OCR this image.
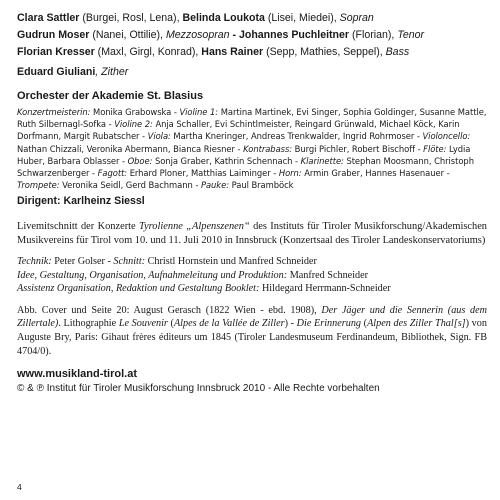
Clara Sattler (Burgei, Rosl, Lena), Belinda Loukota (Lisei, Miedei), Sopran
Gudrun Moser (Nanei, Ottilie), Mezzosopran - Johannes Puchleitner (Florian), Tenor
Florian Kresser (Maxl, Girgl, Konrad), Hans Rainer (Sepp, Mathies, Seppel), Bass
Eduard Giuliani, Zither
Orchester der Akademie St. Blasius
Konzertmeisterin: Monika Grabowska - Violine 1: Martina Martinek, Evi Singer, Sophia Goldinger, Susanne Mattle, Ruth Silbernagl-Sofka - Violine 2: Anja Schaller, Evi Schintlmeister, Reingard Grünwald, Michael Köck, Karin Dorfmann, Margit Rubatscher - Viola: Martha Kneringer, Andreas Trenkwalder, Ingrid Rohrmoser - Violoncello: Nathan Chizzali, Veronika Abermann, Bianca Riesner - Kontrabass: Burgi Pichler, Robert Bischoff - Flöte: Lydia Huber, Barbara Oblasser - Oboe: Sonja Graber, Kathrin Schennach - Klarinette: Stephan Moosmann, Christoph Schwarzenberger - Fagott: Erhard Ploner, Matthias Laiminger - Horn: Armin Graber, Hannes Hasenauer - Trompete: Veronika Seidl, Gerd Bachmann - Pauke: Paul Bramböck
Dirigent: Karlheinz Siessl
Livemitschnitt der Konzerte Tyrolienne „Alpenszenen“ des Instituts für Tiroler Musikforschung/Akademischen Musikvereins für Tirol vom 10. und 11. Juli 2010 in Innsbruck (Konzertsaal des Tiroler Landeskonservatoriums)
Technik: Peter Golser - Schnitt: Christl Hornstein und Manfred Schneider
Idee, Gestaltung, Organisation, Aufnahmeleitung und Produktion: Manfred Schneider
Assistenz Organisation, Redaktion und Gestaltung Booklet: Hildegard Herrmann-Schneider
Abb. Cover und Seite 20: August Gerasch (1822 Wien - ebd. 1908), Der Jäger und die Sennerin (aus dem Zillertale). Lithographie Le Souvenir (Alpes de la Vallée de Ziller) - Die Erinnerung (Alpen des Ziller Thal[s]) von Auguste Bry, Paris: Gihaut frères éditeurs um 1845 (Tiroler Landesmuseum Ferdinandeum, Bibliothek, Sign. FB 4704/0).
www.musikland-tirol.at
© & ℗ Institut für Tiroler Musikforschung Innsbruck 2010 - Alle Rechte vorbehalten
4
